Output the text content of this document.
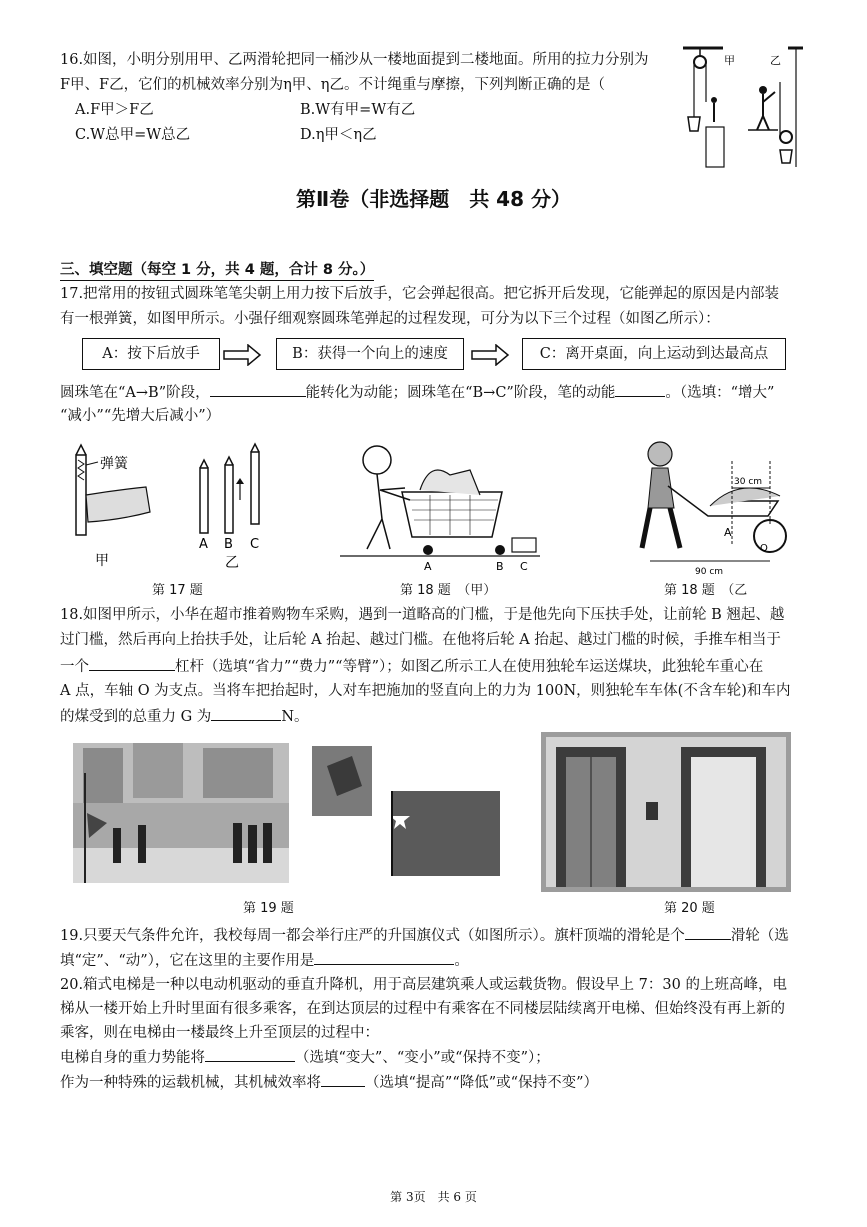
16.如图，小明分别用甲、乙两滑轮把同一桶沙从一楼地面提到二楼地面。所用的拉力分别为
F甲、F乙，它们的机械效率分别为η甲、η乙。不计绳重与摩擦，下列判断正确的是（
A.F甲＞F乙	B.W有甲=W有乙
C.W总甲=W总乙	D.η甲＜η乙
甲	乙
第Ⅱ卷（非选择题　共 48 分）
三、填空题（每空 1 分，共 4 题，合计 8 分。）
17.把常用的按钮式圆珠笔笔尖朝上用力按下后放手，它会弹起很高。把它拆开后发现，它能弹起的原因是内部装
有一根弹簧，如图甲所示。小强仔细观察圆珠笔弹起的过程发现，可分为以下三个过程（如图乙所示）：
A：按下后放手	B：获得一个向上的速度	C：离开桌面，向上运动到达最高点
圆珠笔在“A→B”阶段，	能转化为动能；圆珠笔在“B→C”阶段，笔的动能	。（选填：“增大”
“减小”“先增大后减小”）
弹簧
甲
A B C
乙
第 17 题
A	B C
第 18 题　（甲）
30 cm
A
O
90 cm
第 18 题　（乙
18.如图甲所示，小华在超市推着购物车采购，遇到一道略高的门槛，于是他先向下压扶手处，让前轮 B 翘起、越
过门槛，然后再向上抬扶手处，让后轮 A 抬起、越过门槛。在他将后轮 A 抬起、越过门槛的时候，手推车相当于
一个	杠杆（选填“省力”“费力”“等臂”）；如图乙所示工人在使用独轮车运送煤块，此独轮车重心在
A 点，车轴 O 为支点。当将车把抬起时，人对车把施加的竖直向上的力为 100N，则独轮车车体(不含车轮)和车内
的煤受到的总重力 G 为	N。
第 19 题	第 20 题
19.只要天气条件允许，我校每周一都会举行庄严的升国旗仪式（如图所示）。旗杆顶端的滑轮是个	滑轮（选
填“定”、“动”），它在这里的主要作用是	。
20.箱式电梯是一种以电动机驱动的垂直升降机，用于高层建筑乘人或运载货物。假设早上 7：30 的上班高峰，电
梯从一楼开始上升时里面有很多乘客，在到达顶层的过程中有乘客在不同楼层陆续离开电梯、但始终没有再上新的
乘客，则在电梯由一楼最终上升至顶层的过程中：
电梯自身的重力势能将	（选填“变大”、“变小”或“保持不变”）；
作为一种特殊的运载机械，其机械效率将	（选填“提高”“降低”或“保持不变”）
第 3页　共 6 页
